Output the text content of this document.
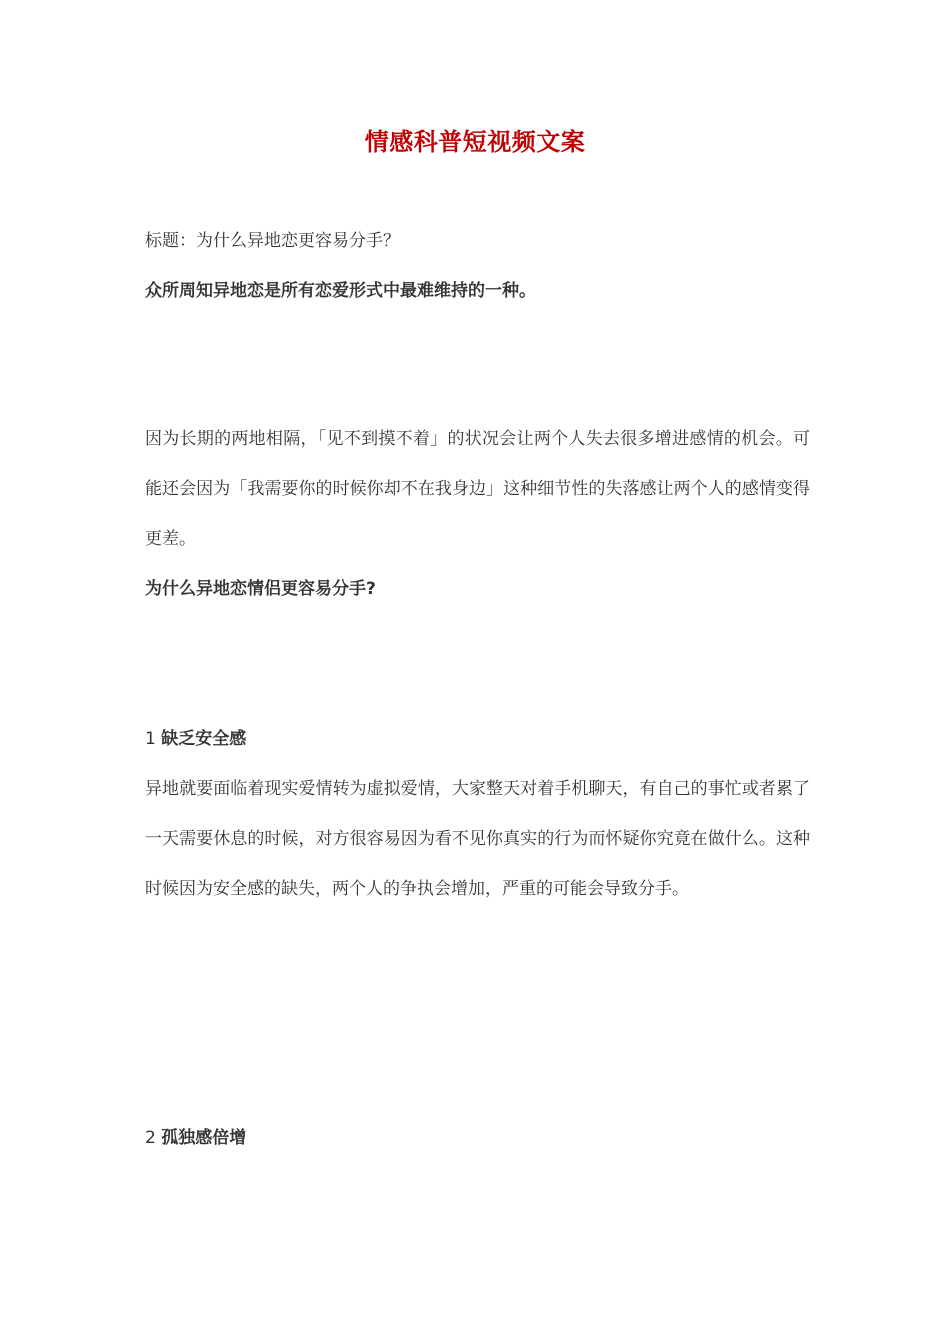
情感科普短视频文案
标题：为什么异地恋更容易分手？
众所周知异地恋是所有恋爱形式中最难维持的一种。
因为长期的两地相隔，「见不到摸不着」的状况会让两个人失去很多增进感情的机会。可能还会因为「我需要你的时候你却不在我身边」这种细节性的失落感让两个人的感情变得更差。
为什么异地恋情侣更容易分手?
1 缺乏安全感
异地就要面临着现实爱情转为虚拟爱情，大家整天对着手机聊天，有自己的事忙或者累了一天需要休息的时候，对方很容易因为看不见你真实的行为而怀疑你究竟在做什么。这种时候因为安全感的缺失，两个人的争执会增加，严重的可能会导致分手。
2 孤独感倍增
